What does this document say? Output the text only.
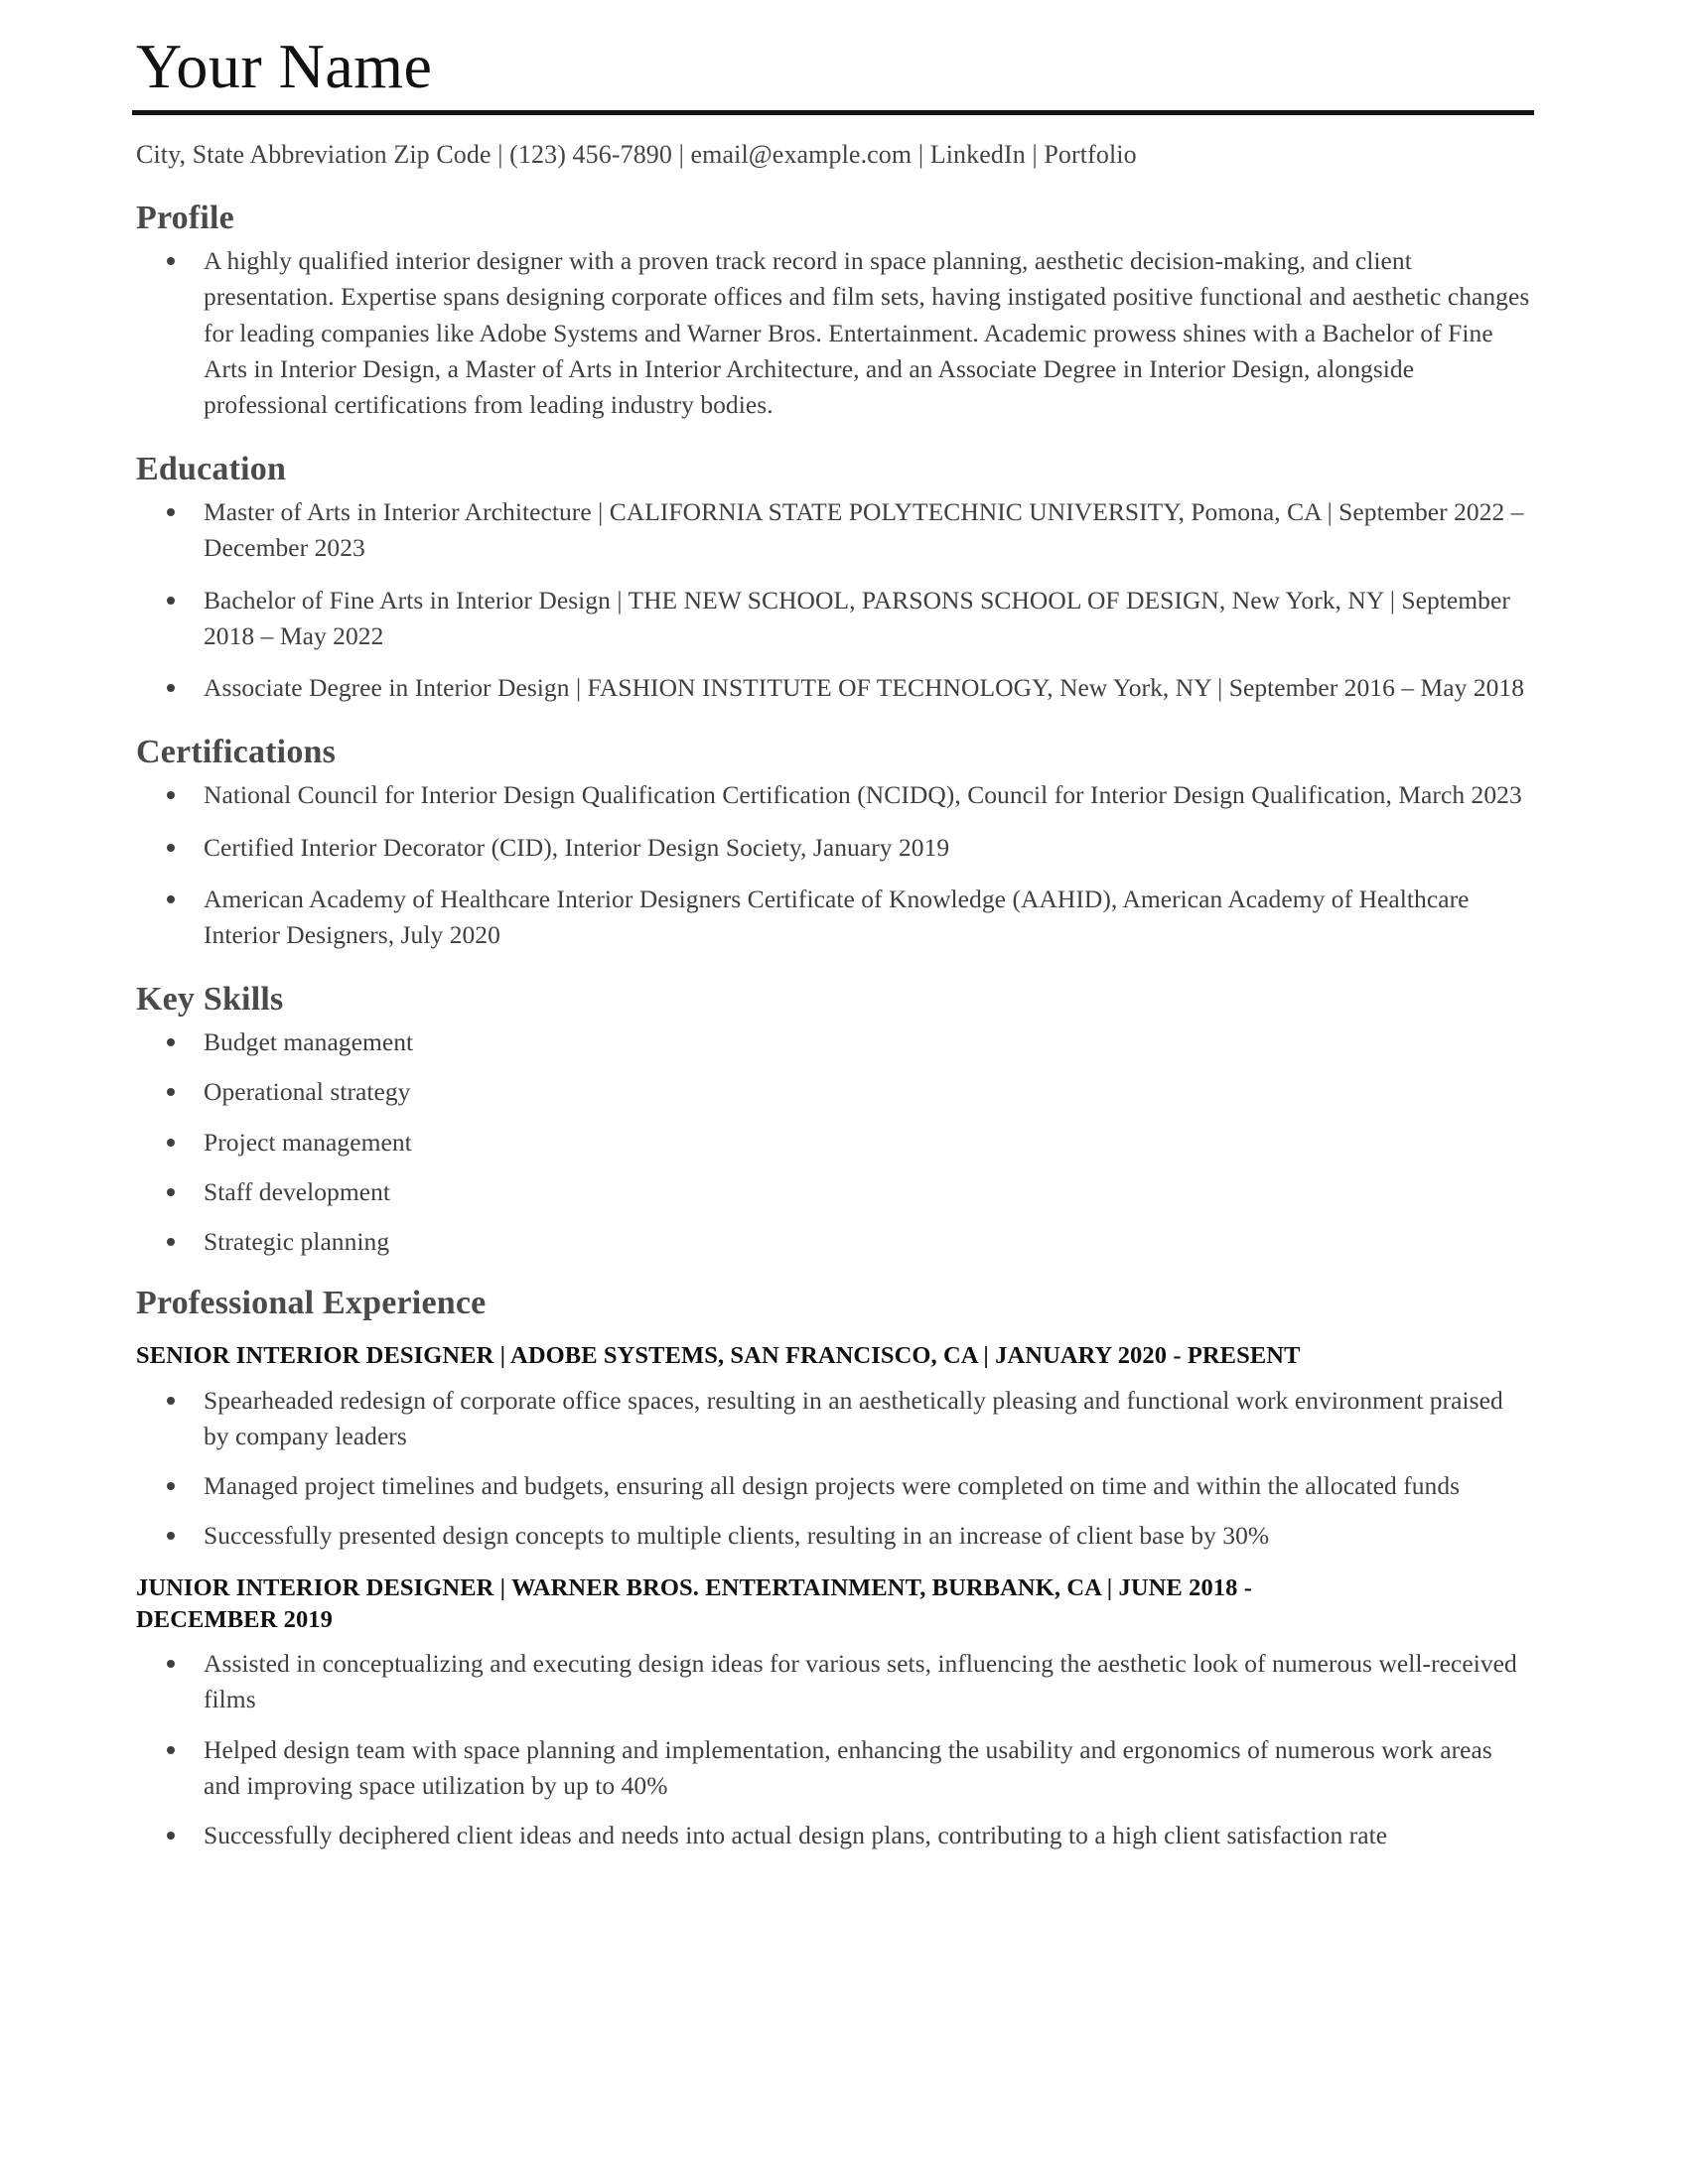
Your Name
City, State Abbreviation Zip Code | (123) 456-7890 | email@example.com | LinkedIn | Portfolio
Profile
A highly qualified interior designer with a proven track record in space planning, aesthetic decision-making, and client presentation. Expertise spans designing corporate offices and film sets, having instigated positive functional and aesthetic changes for leading companies like Adobe Systems and Warner Bros. Entertainment. Academic prowess shines with a Bachelor of Fine Arts in Interior Design, a Master of Arts in Interior Architecture, and an Associate Degree in Interior Design, alongside professional certifications from leading industry bodies.
Education
Master of Arts in Interior Architecture | CALIFORNIA STATE POLYTECHNIC UNIVERSITY, Pomona, CA | September 2022 – December 2023
Bachelor of Fine Arts in Interior Design | THE NEW SCHOOL, PARSONS SCHOOL OF DESIGN, New York, NY | September 2018 – May 2022
Associate Degree in Interior Design | FASHION INSTITUTE OF TECHNOLOGY, New York, NY | September 2016 – May 2018
Certifications
National Council for Interior Design Qualification Certification (NCIDQ), Council for Interior Design Qualification, March 2023
Certified Interior Decorator (CID), Interior Design Society, January 2019
American Academy of Healthcare Interior Designers Certificate of Knowledge (AAHID), American Academy of Healthcare Interior Designers, July 2020
Key Skills
Budget management
Operational strategy
Project management
Staff development
Strategic planning
Professional Experience
SENIOR INTERIOR DESIGNER | ADOBE SYSTEMS, SAN FRANCISCO, CA | JANUARY 2020 - PRESENT
Spearheaded redesign of corporate office spaces, resulting in an aesthetically pleasing and functional work environment praised by company leaders
Managed project timelines and budgets, ensuring all design projects were completed on time and within the allocated funds
Successfully presented design concepts to multiple clients, resulting in an increase of client base by 30%
JUNIOR INTERIOR DESIGNER | WARNER BROS. ENTERTAINMENT, BURBANK, CA | JUNE 2018 - DECEMBER 2019
Assisted in conceptualizing and executing design ideas for various sets, influencing the aesthetic look of numerous well-received films
Helped design team with space planning and implementation, enhancing the usability and ergonomics of numerous work areas and improving space utilization by up to 40%
Successfully deciphered client ideas and needs into actual design plans, contributing to a high client satisfaction rate
